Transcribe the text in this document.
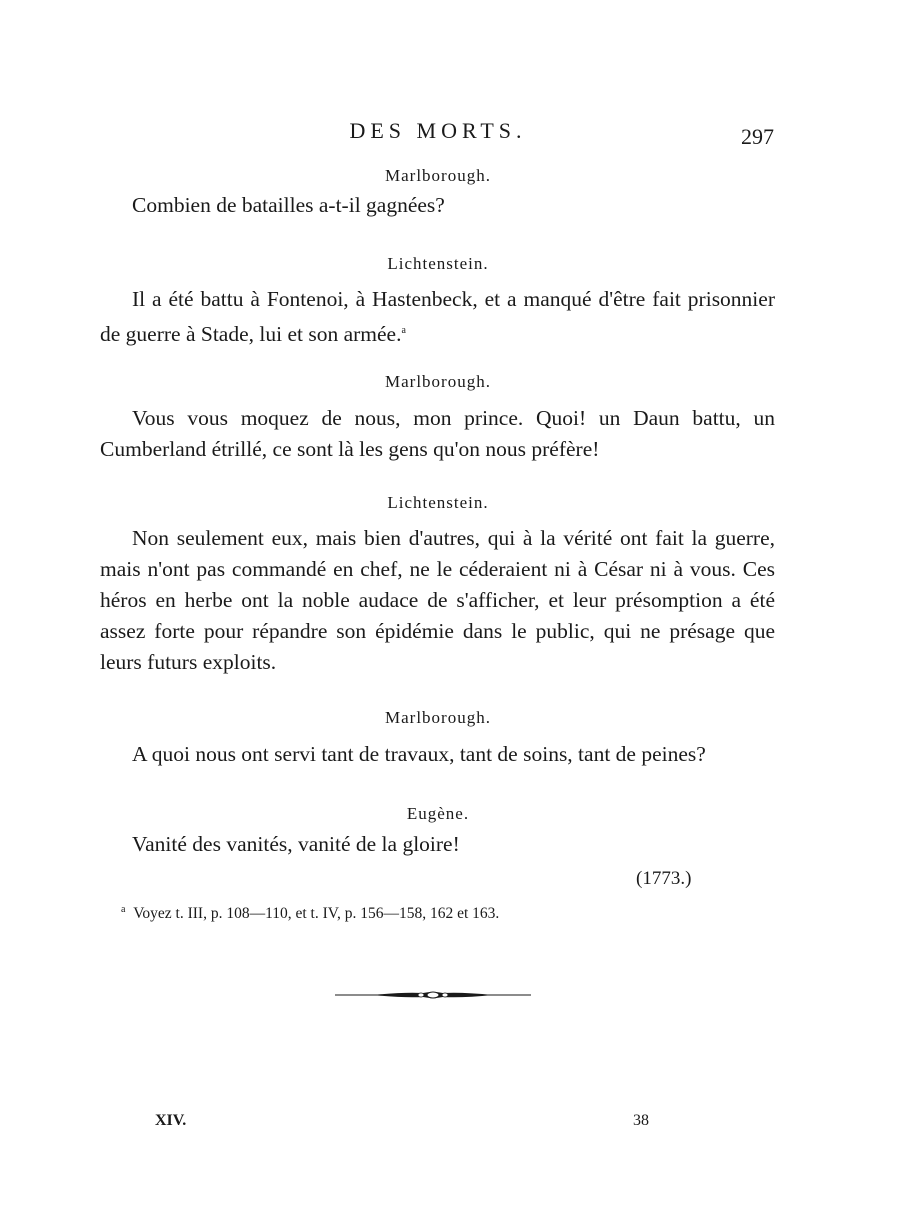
DES MORTS.	297
Marlborough.
Combien de batailles a-t-il gagnées?
Lichtenstein.
Il a été battu à Fontenoi, à Hastenbeck, et a manqué d'être fait prisonnier de guerre à Stade, lui et son armée.$^a$
Marlborough.
Vous vous moquez de nous, mon prince. Quoi! un Daun battu, un Cumberland étrillé, ce sont là les gens qu'on nous préfère!
Lichtenstein.
Non seulement eux, mais bien d'autres, qui à la vérité ont fait la guerre, mais n'ont pas commandé en chef, ne le céderaient ni à César ni à vous. Ces héros en herbe ont la noble audace de s'afficher, et leur présomption a été assez forte pour répandre son épidémie dans le public, qui ne présage que leurs futurs exploits.
Marlborough.
A quoi nous ont servi tant de travaux, tant de soins, tant de peines?
Eugène.
Vanité des vanités, vanité de la gloire!
(1773.)
$^a$ Voyez t. III, p. 108—110, et t. IV, p. 156—158, 162 et 163.
XIV.	38
